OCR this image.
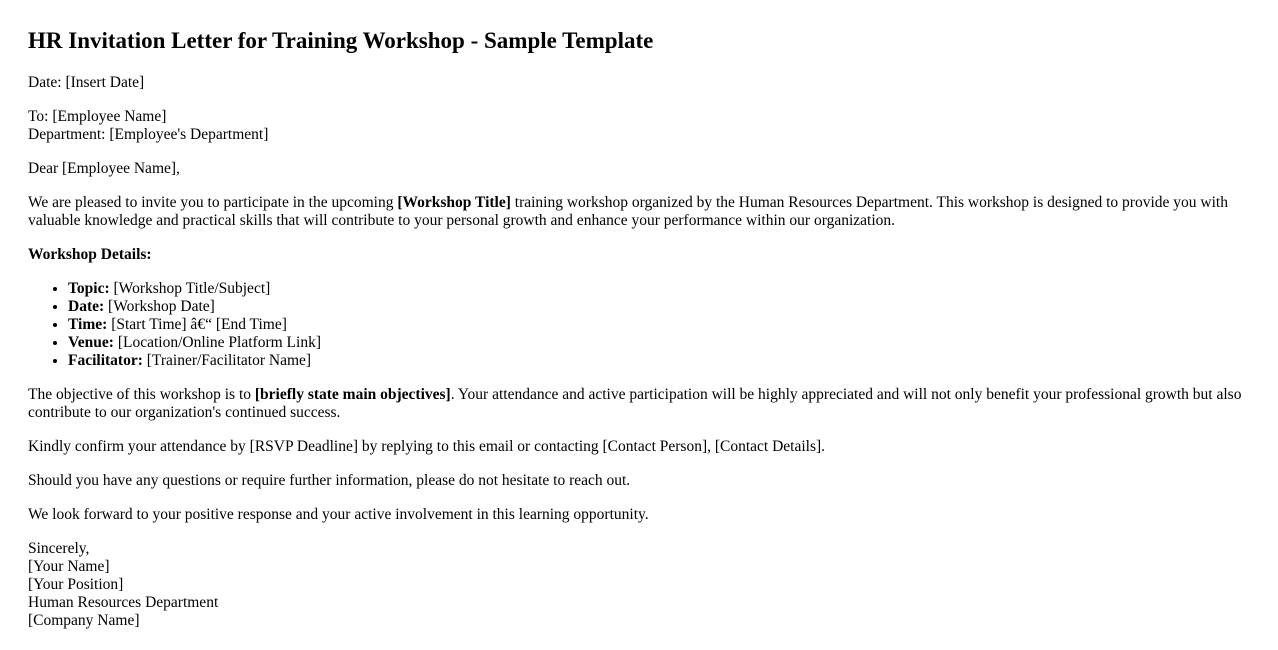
HR Invitation Letter for Training Workshop - Sample Template

Date: [Insert Date]

To: [Employee Name]
Department: [Employee's Department]

Dear [Employee Name],

We are pleased to invite you to participate in the upcoming [Workshop Title] training workshop organized by the Human Resources Department. This workshop is designed to provide you with valuable knowledge and practical skills that will contribute to your personal growth and enhance your performance within our organization.

Workshop Details:

• Topic: [Workshop Title/Subject]
• Date: [Workshop Date]
• Time: [Start Time] â€“ [End Time]
• Venue: [Location/Online Platform Link]
• Facilitator: [Trainer/Facilitator Name]

The objective of this workshop is to [briefly state main objectives]. Your attendance and active participation will be highly appreciated and will not only benefit your professional growth but also contribute to our organization's continued success.

Kindly confirm your attendance by [RSVP Deadline] by replying to this email or contacting [Contact Person], [Contact Details].

Should you have any questions or require further information, please do not hesitate to reach out.

We look forward to your positive response and your active involvement in this learning opportunity.

Sincerely,
[Your Name]
[Your Position]
Human Resources Department
[Company Name]
